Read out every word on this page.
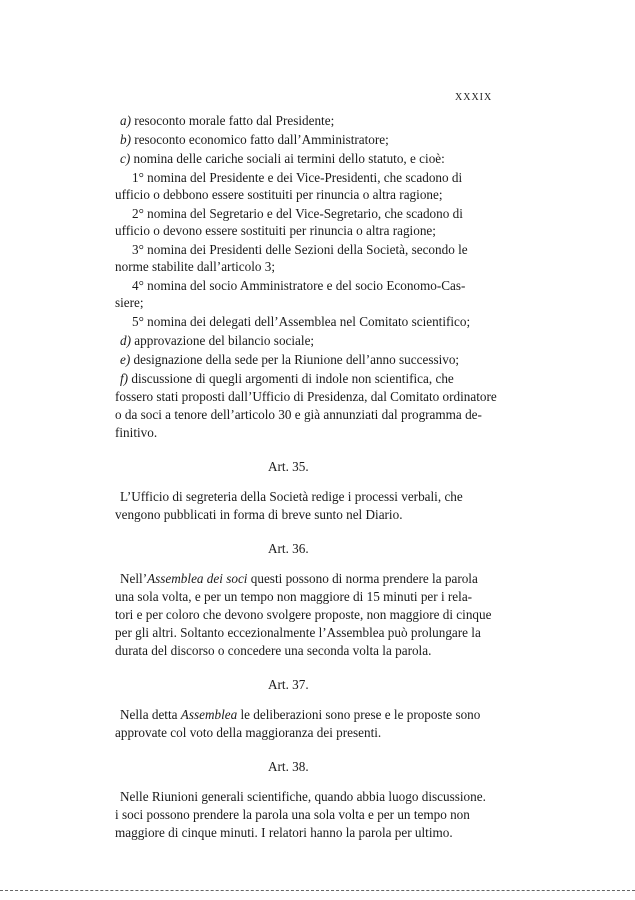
XXXIX

a) resoconto morale fatto dal Presidente;

b) resoconto economico fatto dall’Amministratore;

c) nomina delle cariche sociali ai termini dello statuto, e cioè:

1° nomina del Presidente e dei Vice-Presidenti, che scadono di

ufficio o debbono essere sostituiti per rinuncia o altra ragione;

2° nomina del Segretario e del Vice-Segretario, che scadono di

ufficio o devono essere sostituiti per rinuncia o altra ragione;

3° nomina dei Presidenti delle Sezioni della Società, secondo le

norme stabilite dall’articolo 3;

4° nomina del socio Amministratore e del socio Economo-Cas-

siere;

5° nomina dei delegati dell’Assemblea nel Comitato scientifico;

d) approvazione del bilancio sociale;

e) designazione della sede per la Riunione dell’anno successivo;

f) discussione di quegli argomenti di indole non scientifica, che

fossero stati proposti dall’Ufficio di Presidenza, dal Comitato ordinatore

o da soci a tenore dell’articolo 30 e già annunziati dal programma de-

finitivo.

Art. 35.

L’Ufficio di segreteria della Società redige i processi verbali, che

vengono pubblicati in forma di breve sunto nel Diario.

Art. 36.

Nell’Assemblea dei soci questi possono di norma prendere la parola

una sola volta, e per un tempo non maggiore di 15 minuti per i rela-

tori e per coloro che devono svolgere proposte, non maggiore di cinque

per gli altri. Soltanto eccezionalmente l’Assemblea può prolungare la

durata del discorso o concedere una seconda volta la parola.

Art. 37.

Nella detta Assemblea le deliberazioni sono prese e le proposte sono

approvate col voto della maggioranza dei presenti.

Art. 38.

Nelle Riunioni generali scientifiche, quando abbia luogo discussione.

i soci possono prendere la parola una sola volta e per un tempo non

maggiore di cinque minuti. I relatori hanno la parola per ultimo.
